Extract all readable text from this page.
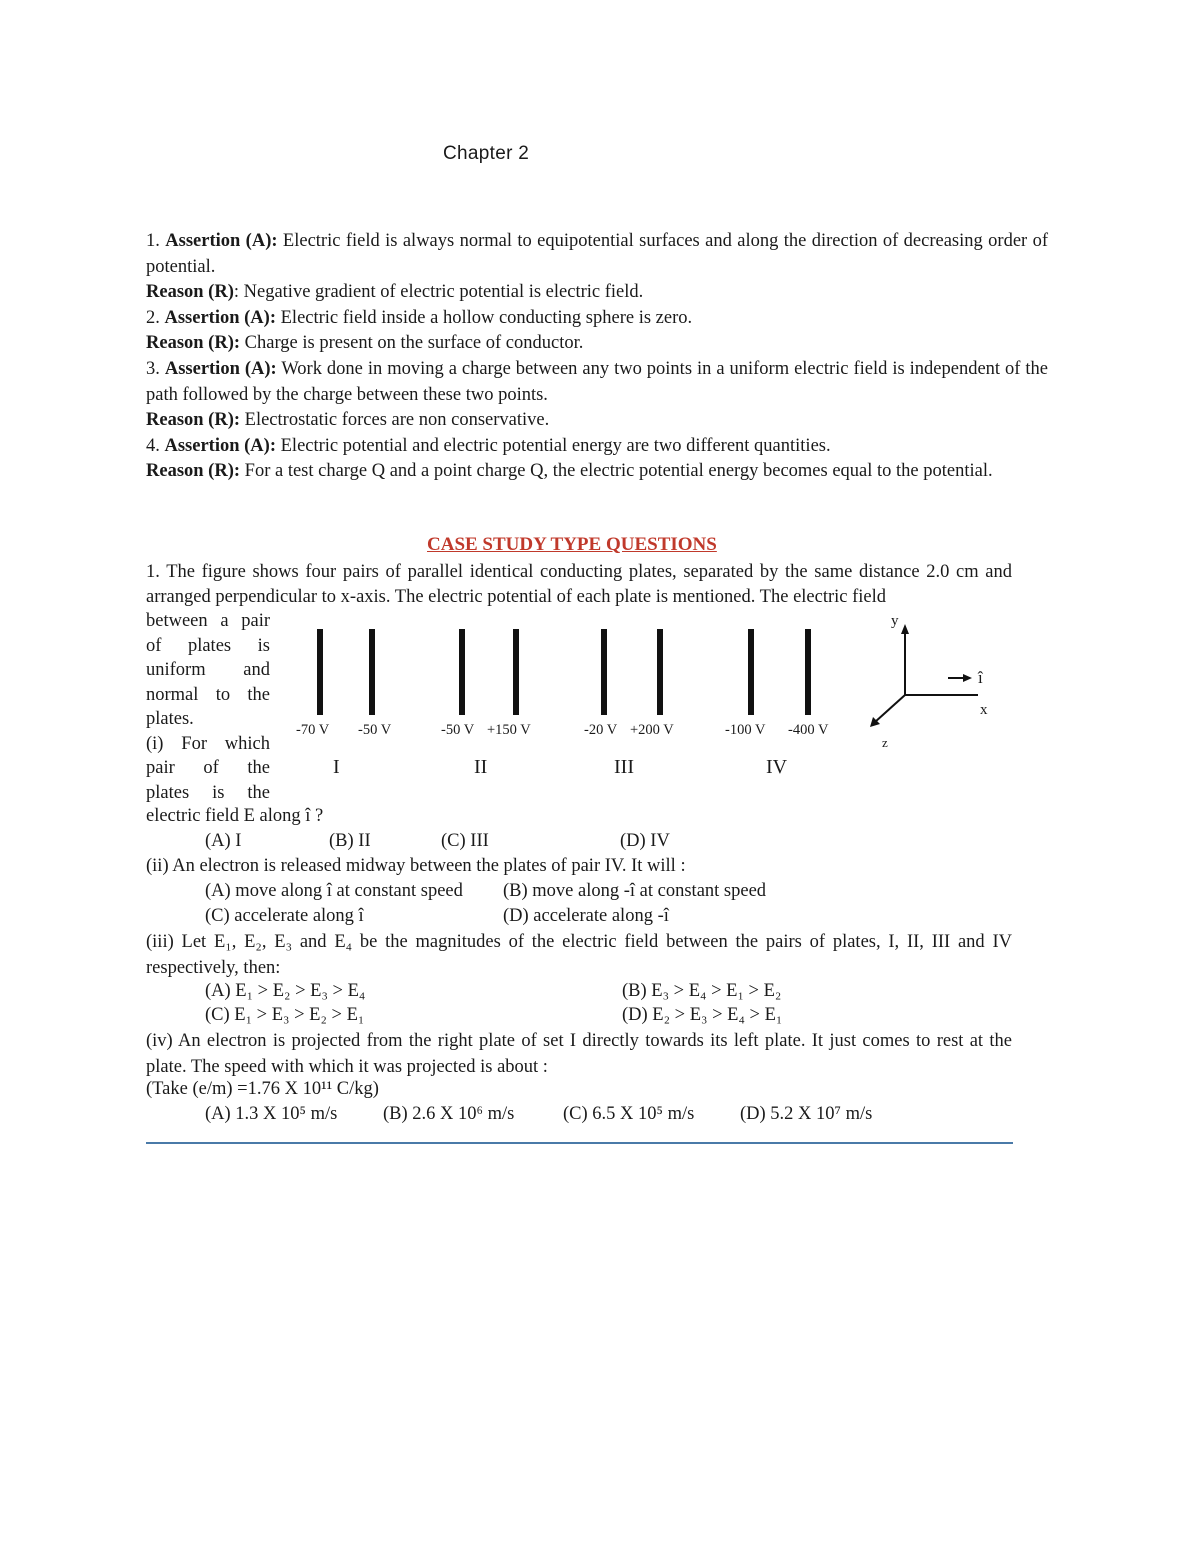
Chapter 2
1. Assertion (A): Electric field is always normal to equipotential surfaces and along the direction of decreasing order of potential.
Reason (R): Negative gradient of electric potential is electric field.
2. Assertion (A): Electric field inside a hollow conducting sphere is zero.
Reason (R): Charge is present on the surface of conductor.
3. Assertion (A): Work done in moving a charge between any two points in a uniform electric field is independent of the path followed by the charge between these two points.
Reason (R): Electrostatic forces are non conservative.
4. Assertion (A): Electric potential and electric potential energy are two different quantities.
Reason (R): For a test charge Q and a point charge Q, the electric potential energy becomes equal to the potential.
CASE STUDY TYPE QUESTIONS
1. The figure shows four pairs of parallel identical conducting plates, separated by the same distance 2.0 cm and arranged perpendicular to x-axis. The electric potential of each plate is mentioned. The electric field
between a pair
of plates is
uniform and
normal to the
plates.
(i) For which
pair of the
plates is the
electric field E along î ?
-70 V -50 V	-50 V +150 V	-20 V +200 V	-100 V -400 V
I	II	III	IV
y
î
x
z
(A) I	(B) II	(C) III	(D) IV
(ii) An electron is released midway between the plates of pair IV. It will :
(A) move along î at constant speed (B) move along -î at constant speed
(C) accelerate along î	(D) accelerate along -î
(iii) Let E₁, E₂, E₃ and E₄ be the magnitudes of the electric field between the pairs of plates, I, II, III and IV respectively, then:
(A) E₁ > E₂ > E₃ > E₄	(B) E₃ > E₄ > E₁ > E₂
(C) E₁ > E₃ > E₂ > E₁	(D) E₂ > E₃ > E₄ > E₁
(iv) An electron is projected from the right plate of set I directly towards its left plate. It just comes to rest at the plate. The speed with which it was projected is about :
(Take (e/m) =1.76 X 10¹¹ C/kg)
(A) 1.3 X 10⁵ m/s (B) 2.6 X 10⁶ m/s	(C) 6.5 X 10⁵ m/s (D) 5.2 X 10⁷ m/s
